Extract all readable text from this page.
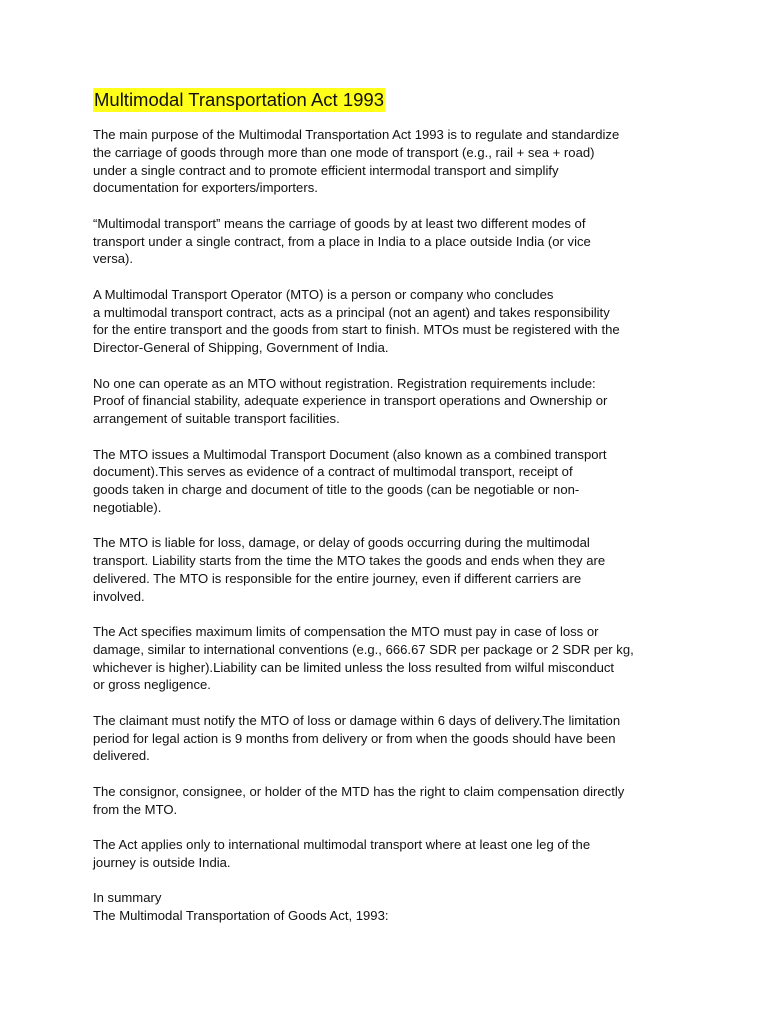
Multimodal Transportation Act 1993
The main purpose of the Multimodal Transportation Act 1993 is to regulate and standardize
the carriage of goods through more than one mode of transport (e.g., rail + sea + road)
under a single contract and to promote efficient intermodal transport and simplify
documentation for exporters/importers.
“Multimodal transport” means the carriage of goods by at least two different modes of
transport under a single contract, from a place in India to a place outside India (or vice
versa).
A Multimodal Transport Operator (MTO) is a person or company who concludes
a multimodal transport contract, acts as a principal (not an agent) and takes responsibility
for the entire transport and the goods from start to finish. MTOs must be registered with the
Director-General of Shipping, Government of India.
No one can operate as an MTO without registration. Registration requirements include:
Proof of financial stability, adequate experience in transport operations and Ownership or
arrangement of suitable transport facilities.
The MTO issues a Multimodal Transport Document (also known as a combined transport
document).This serves as evidence of a contract of multimodal transport, receipt of
goods taken in charge and document of title to the goods (can be negotiable or non-
negotiable).
The MTO is liable for loss, damage, or delay of goods occurring during the multimodal
transport. Liability starts from the time the MTO takes the goods and ends when they are
delivered. The MTO is responsible for the entire journey, even if different carriers are
involved.
The Act specifies maximum limits of compensation the MTO must pay in case of loss or
damage, similar to international conventions (e.g., 666.67 SDR per package or 2 SDR per kg,
whichever is higher).Liability can be limited unless the loss resulted from wilful misconduct
or gross negligence.
The claimant must notify the MTO of loss or damage within 6 days of delivery.The limitation
period for legal action is 9 months from delivery or from when the goods should have been
delivered.
The consignor, consignee, or holder of the MTD has the right to claim compensation directly
from the MTO.
The Act applies only to international multimodal transport where at least one leg of the
journey is outside India.
In summary
The Multimodal Transportation of Goods Act, 1993:
